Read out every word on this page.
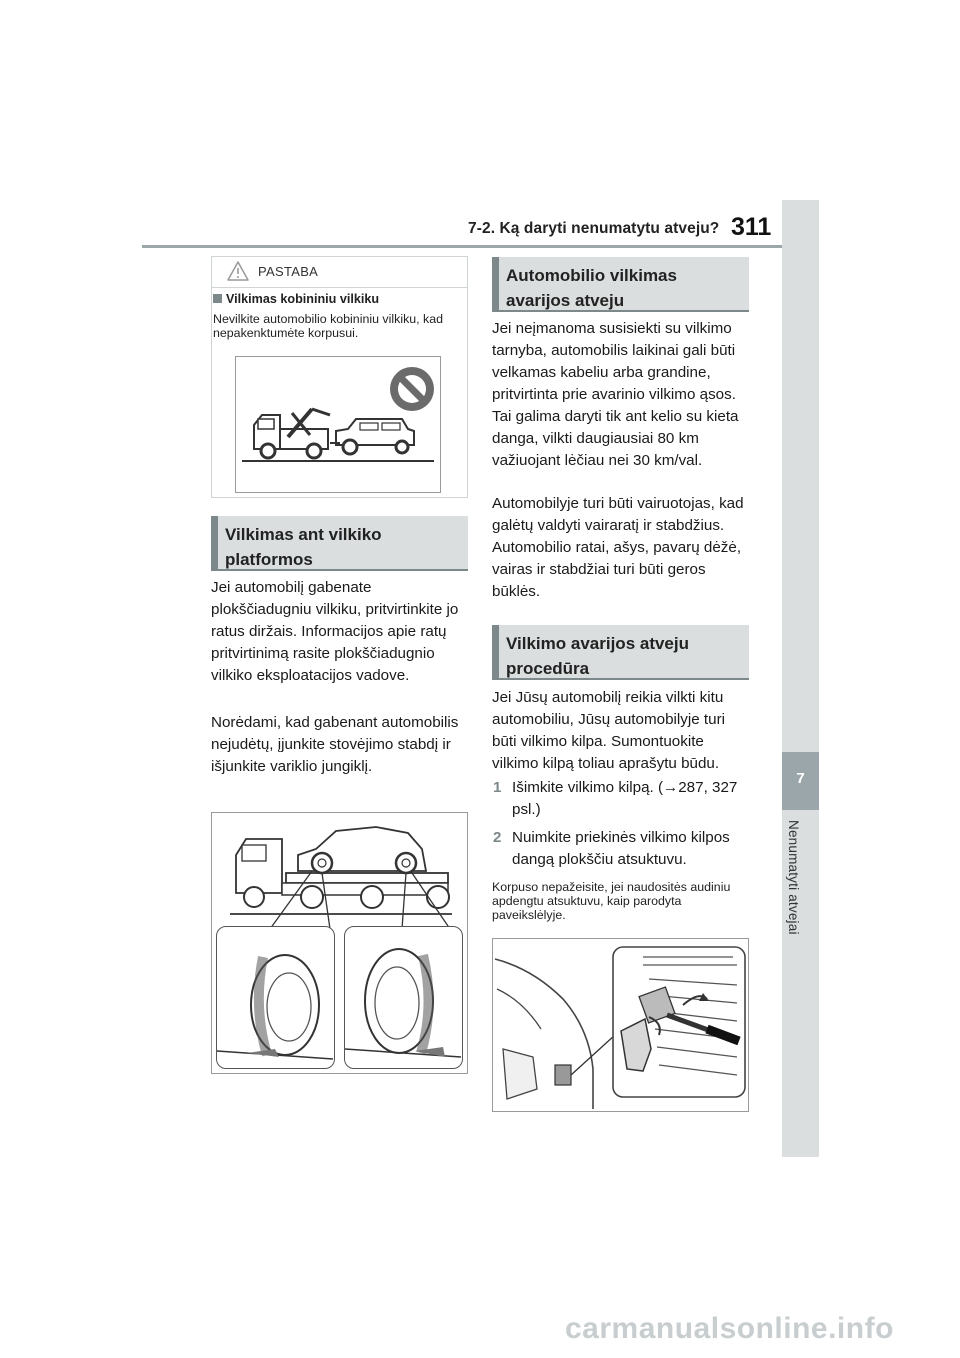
7-2. Ką daryti nenumatytu atveju? 311
7
Nenumatyti atvejai
PASTABA
Vilkimas kobininiu vilkiku
Nevilkite automobilio kobininiu vilkiku, kad nepakenktumėte korpusui.
Vilkimas ant vilkiko
platformos
Jei automobilį gabenate plokščiadugniu vilkiku, pritvirtinkite jo ratus diržais. Informacijos apie ratų pritvirtinimą rasite plokščiadugnio vilkiko eksploatacijos vadove.
Norėdami, kad gabenant automobilis nejudėtų, įjunkite stovėjimo stabdį ir išjunkite variklio jungiklį.
Automobilio vilkimas
avarijos atveju
Jei neįmanoma susisiekti su vilkimo tarnyba, automobilis laikinai gali būti velkamas kabeliu arba grandine, pritvirtinta prie avarinio vilkimo ąsos. Tai galima daryti tik ant kelio su kieta danga, vilkti daugiausiai 80 km važiuojant lėčiau nei 30 km/val.
Automobilyje turi būti vairuotojas, kad galėtų valdyti vairaratį ir stabdžius. Automobilio ratai, ašys, pavarų dėžė, vairas ir stabdžiai turi būti geros būklės.
Vilkimo avarijos atveju
procedūra
Jei Jūsų automobilį reikia vilkti kitu automobiliu, Jūsų automobilyje turi būti vilkimo kilpa. Sumontuokite vilkimo kilpą toliau aprašytu būdu.
1 Išimkite vilkimo kilpą. (→287, 327 psl.)
2 Nuimkite priekinės vilkimo kilpos dangą plokščiu atsuktuvu.
Korpuso nepažeisite, jei naudositės audiniu apdengtu atsuktuvu, kaip parodyta paveikslėlyje.
carmanualsonline.info
